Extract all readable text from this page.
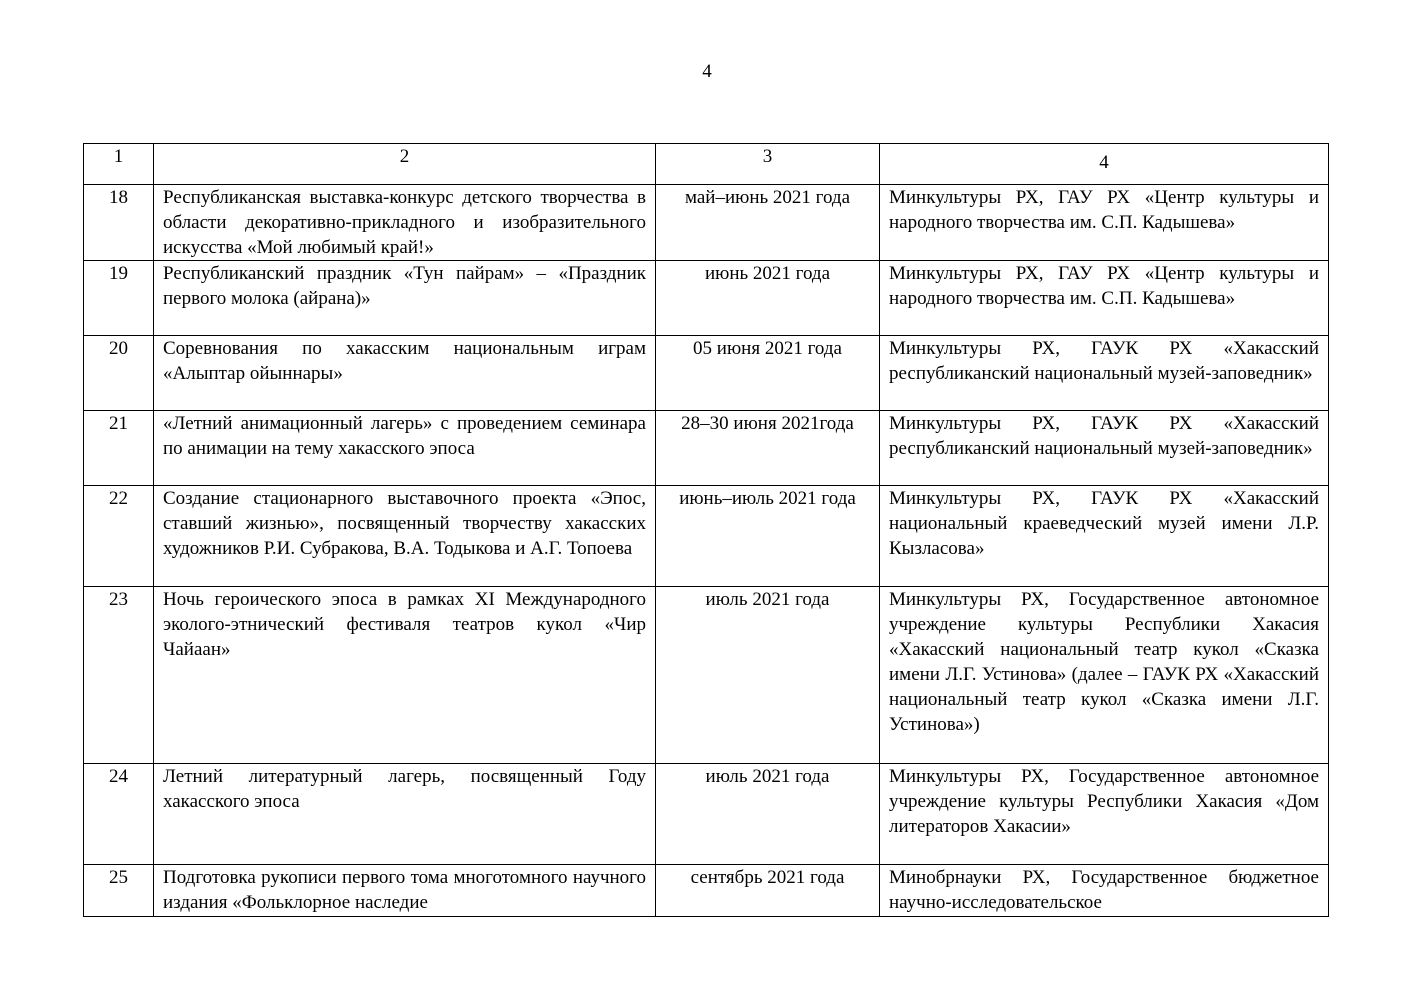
4
1	2	3	4
18	Республиканская выставка-конкурс детского творчества в области декоративно-прикладного и изобразительного искусства «Мой любимый край!»	май–июнь 2021 года	Минкультуры РХ, ГАУ РХ «Центр культуры и народного творчества им. С.П. Кадышева»
19	Республиканский праздник «Тун пайрам» – «Праздник первого молока (айрана)»	июнь 2021 года	Минкультуры РХ, ГАУ РХ «Центр культуры и народного творчества им. С.П. Кадышева»
20	Соревнования по хакасским национальным играм «Алыптар ойыннары»	05 июня 2021 года	Минкультуры РХ, ГАУК РХ «Хакасский республиканский национальный музей-заповедник»
21	«Летний анимационный лагерь» с проведением семинара по анимации на тему хакасского эпоса	28–30 июня 2021года	Минкультуры РХ, ГАУК РХ «Хакасский республиканский национальный музей-заповедник»
22	Создание стационарного выставочного проекта «Эпос, ставший жизнью», посвященный творчеству хакасских художников Р.И. Субракова, В.А. Тодыкова и А.Г. Топоева	июнь–июль 2021 года	Минкультуры РХ, ГАУК РХ «Хакасский национальный краеведческий музей имени Л.Р. Кызласова»
23	Ночь героического эпоса в рамках XI Международного эколого-этнический фестиваля театров кукол «Чир Чайаан»	июль 2021 года	Минкультуры РХ, Государственное автономное учреждение культуры Республики Хакасия «Хакасский национальный театр кукол «Сказка имени Л.Г. Устинова» (далее – ГАУК РХ «Хакасский национальный театр кукол «Сказка имени Л.Г. Устинова»)
24	Летний литературный лагерь, посвященный Году хакасского эпоса	июль 2021 года	Минкультуры РХ, Государственное автономное учреждение культуры Республики Хакасия «Дом литераторов Хакасии»
25	Подготовка рукописи первого тома многотомного научного издания «Фольклорное наследие	сентябрь 2021 года	Минобрнауки РХ, Государственное бюджетное научно-исследовательское
